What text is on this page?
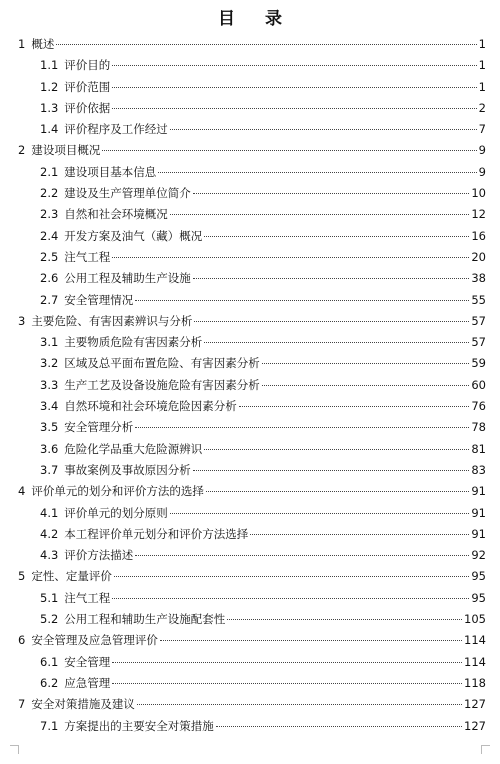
目 录
1 概述	1
1.1 评价目的	1
1.2 评价范围	1
1.3 评价依据	2
1.4 评价程序及工作经过	7
2 建设项目概况	9
2.1 建设项目基本信息	9
2.2 建设及生产管理单位简介	10
2.3 自然和社会环境概况	12
2.4 开发方案及油气（藏）概况	16
2.5 注气工程	20
2.6 公用工程及辅助生产设施	38
2.7 安全管理情况	55
3 主要危险、有害因素辨识与分析	57
3.1 主要物质危险有害因素分析	57
3.2 区域及总平面布置危险、有害因素分析	59
3.3 生产工艺及设备设施危险有害因素分析	60
3.4 自然环境和社会环境危险因素分析	76
3.5 安全管理分析	78
3.6 危险化学品重大危险源辨识	81
3.7 事故案例及事故原因分析	83
4 评价单元的划分和评价方法的选择	91
4.1 评价单元的划分原则	91
4.2 本工程评价单元划分和评价方法选择	91
4.3 评价方法描述	92
5 定性、定量评价	95
5.1 注气工程	95
5.2 公用工程和辅助生产设施配套性	105
6 安全管理及应急管理评价	114
6.1 安全管理	114
6.2 应急管理	118
7 安全对策措施及建议	127
7.1 方案提出的主要安全对策措施	127
